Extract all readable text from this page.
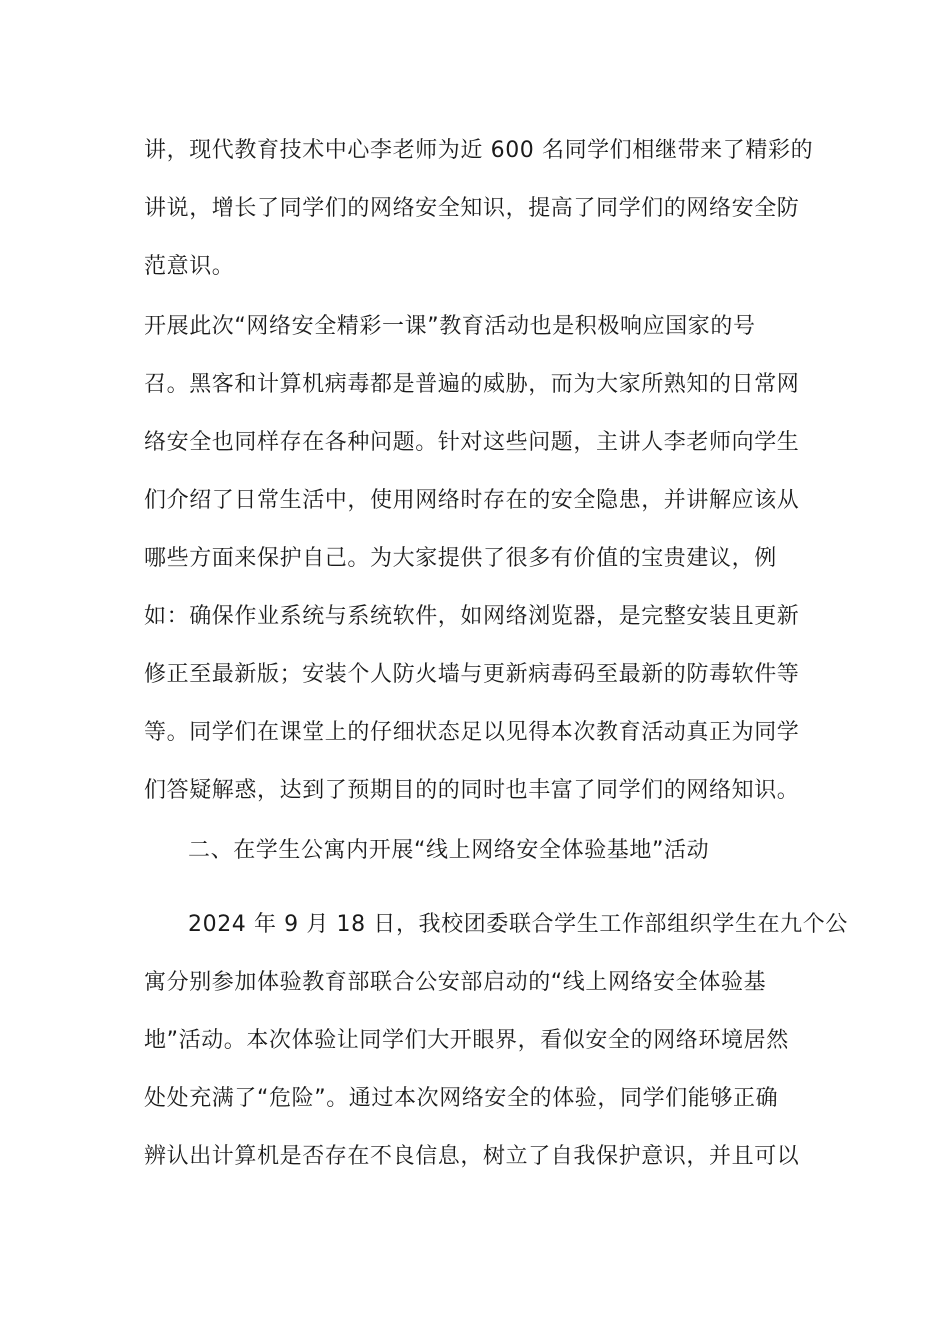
讲，现代教育技术中心李老师为近 600 名同学们相继带来了精彩的
讲说，增长了同学们的网络安全知识，提高了同学们的网络安全防
范意识。
开展此次“网络安全精彩一课”教育活动也是积极响应国家的号
召。黑客和计算机病毒都是普遍的威胁，而为大家所熟知的日常网
络安全也同样存在各种问题。针对这些问题，主讲人李老师向学生
们介绍了日常生活中，使用网络时存在的安全隐患，并讲解应该从
哪些方面来保护自己。为大家提供了很多有价值的宝贵建议，例
如：确保作业系统与系统软件，如网络浏览器，是完整安装且更新
修正至最新版；安装个人防火墙与更新病毒码至最新的防毒软件等
等。同学们在课堂上的仔细状态足以见得本次教育活动真正为同学
们答疑解惑，达到了预期目的的同时也丰富了同学们的网络知识。
二、在学生公寓内开展“线上网络安全体验基地”活动
2024 年 9 月 18 日，我校团委联合学生工作部组织学生在九个公
寓分别参加体验教育部联合公安部启动的“线上网络安全体验基
地”活动。本次体验让同学们大开眼界，看似安全的网络环境居然
处处充满了“危险”。通过本次网络安全的体验，同学们能够正确
辨认出计算机是否存在不良信息，树立了自我保护意识，并且可以
